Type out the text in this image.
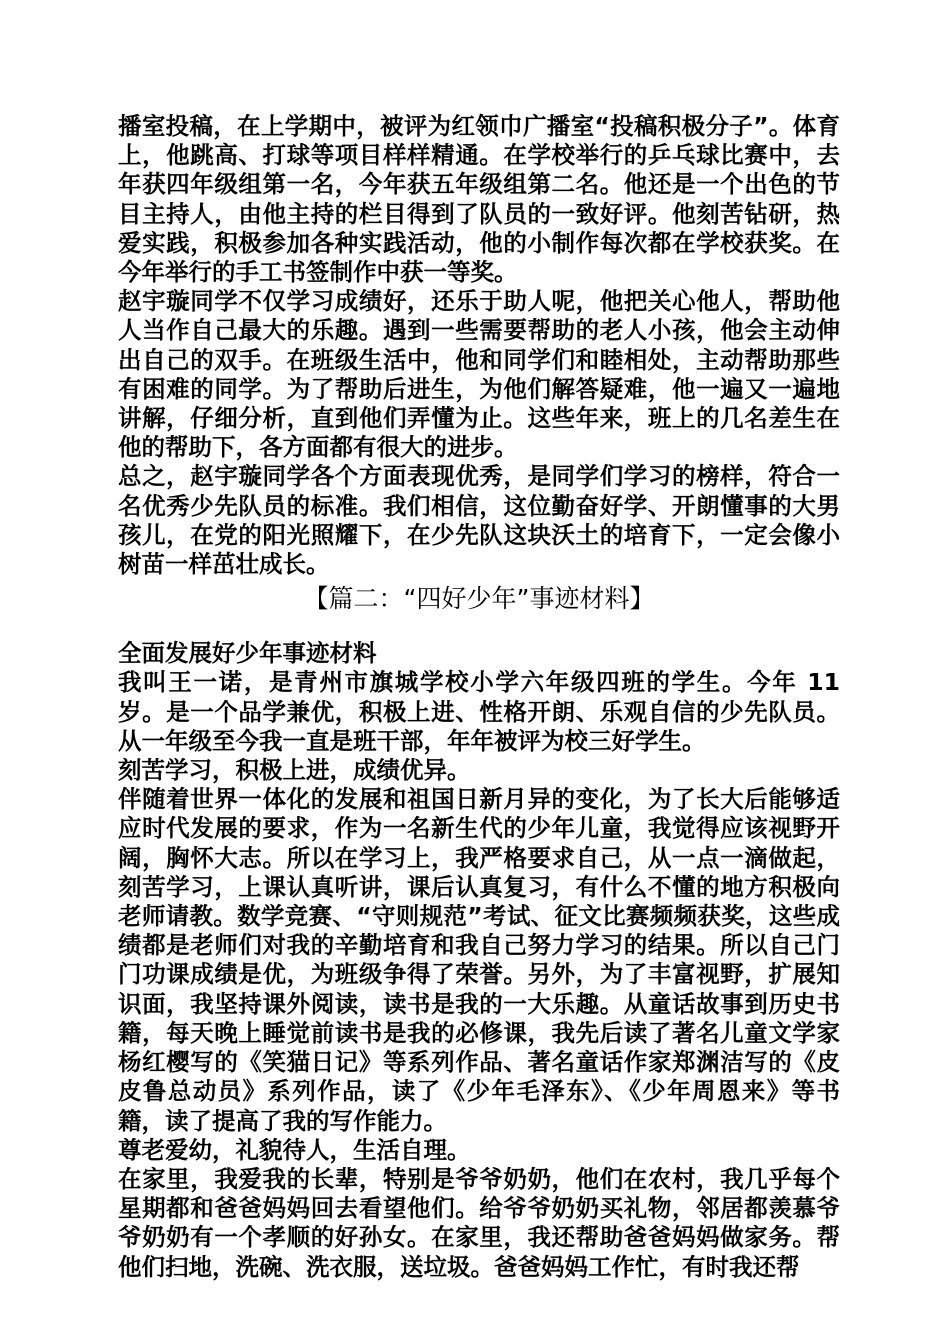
播室投稿，在上学期中，被评为红领巾广播室“投稿积极分子”。体育上，他跳高、打球等项目样样精通。在学校举行的乒乓球比赛中，去年获四年级组第一名，今年获五年级组第二名。他还是一个出色的节目主持人，由他主持的栏目得到了队员的一致好评。他刻苦钻研，热爱实践，积极参加各种实践活动，他的小制作每次都在学校获奖。在今年举行的手工书签制作中获一等奖。

赵宇璇同学不仅学习成绩好，还乐于助人呢，他把关心他人，帮助他人当作自己最大的乐趣。遇到一些需要帮助的老人小孩，他会主动伸出自己的双手。在班级生活中，他和同学们和睦相处，主动帮助那些有困难的同学。为了帮助后进生，为他们解答疑难，他一遍又一遍地讲解，仔细分析，直到他们弄懂为止。这些年来，班上的几名差生在他的帮助下，各方面都有很大的进步。

总之，赵宇璇同学各个方面表现优秀，是同学们学习的榜样，符合一名优秀少先队员的标准。我们相信，这位勤奋好学、开朗懂事的大男孩儿，在党的阳光照耀下，在少先队这块沃土的培育下，一定会像小树苗一样茁壮成长。

【篇二：“四好少年”事迹材料】

全面发展好少年事迹材料

我叫王一诺，是青州市旗城学校小学六年级四班的学生。今年 11 岁。是一个品学兼优，积极上进、性格开朗、乐观自信的少先队员。从一年级至今我一直是班干部，年年被评为校三好学生。

刻苦学习，积极上进，成绩优异。

伴随着世界一体化的发展和祖国日新月异的变化，为了长大后能够适应时代发展的要求，作为一名新生代的少年儿童，我觉得应该视野开阔，胸怀大志。所以在学习上，我严格要求自己，从一点一滴做起，刻苦学习，上课认真听讲，课后认真复习，有什么不懂的地方积极向老师请教。数学竞赛、“守则规范”考试、征文比赛频频获奖，这些成绩都是老师们对我的辛勤培育和我自己努力学习的结果。所以自己门门功课成绩是优，为班级争得了荣誉。另外，为了丰富视野，扩展知识面，我坚持课外阅读，读书是我的一大乐趣。从童话故事到历史书籍，每天晚上睡觉前读书是我的必修课，我先后读了著名儿童文学家杨红樱写的《笑猫日记》等系列作品、著名童话作家郑渊洁写的《皮皮鲁总动员》系列作品，读了《少年毛泽东》、《少年周恩来》等书籍，读了提高了我的写作能力。

尊老爱幼，礼貌待人，生活自理。

在家里，我爱我的长辈，特别是爷爷奶奶，他们在农村，我几乎每个星期都和爸爸妈妈回去看望他们。给爷爷奶奶买礼物，邻居都羡慕爷爷奶奶有一个孝顺的好孙女。在家里，我还帮助爸爸妈妈做家务。帮他们扫地，洗碗、洗衣服，送垃圾。爸爸妈妈工作忙，有时我还帮
